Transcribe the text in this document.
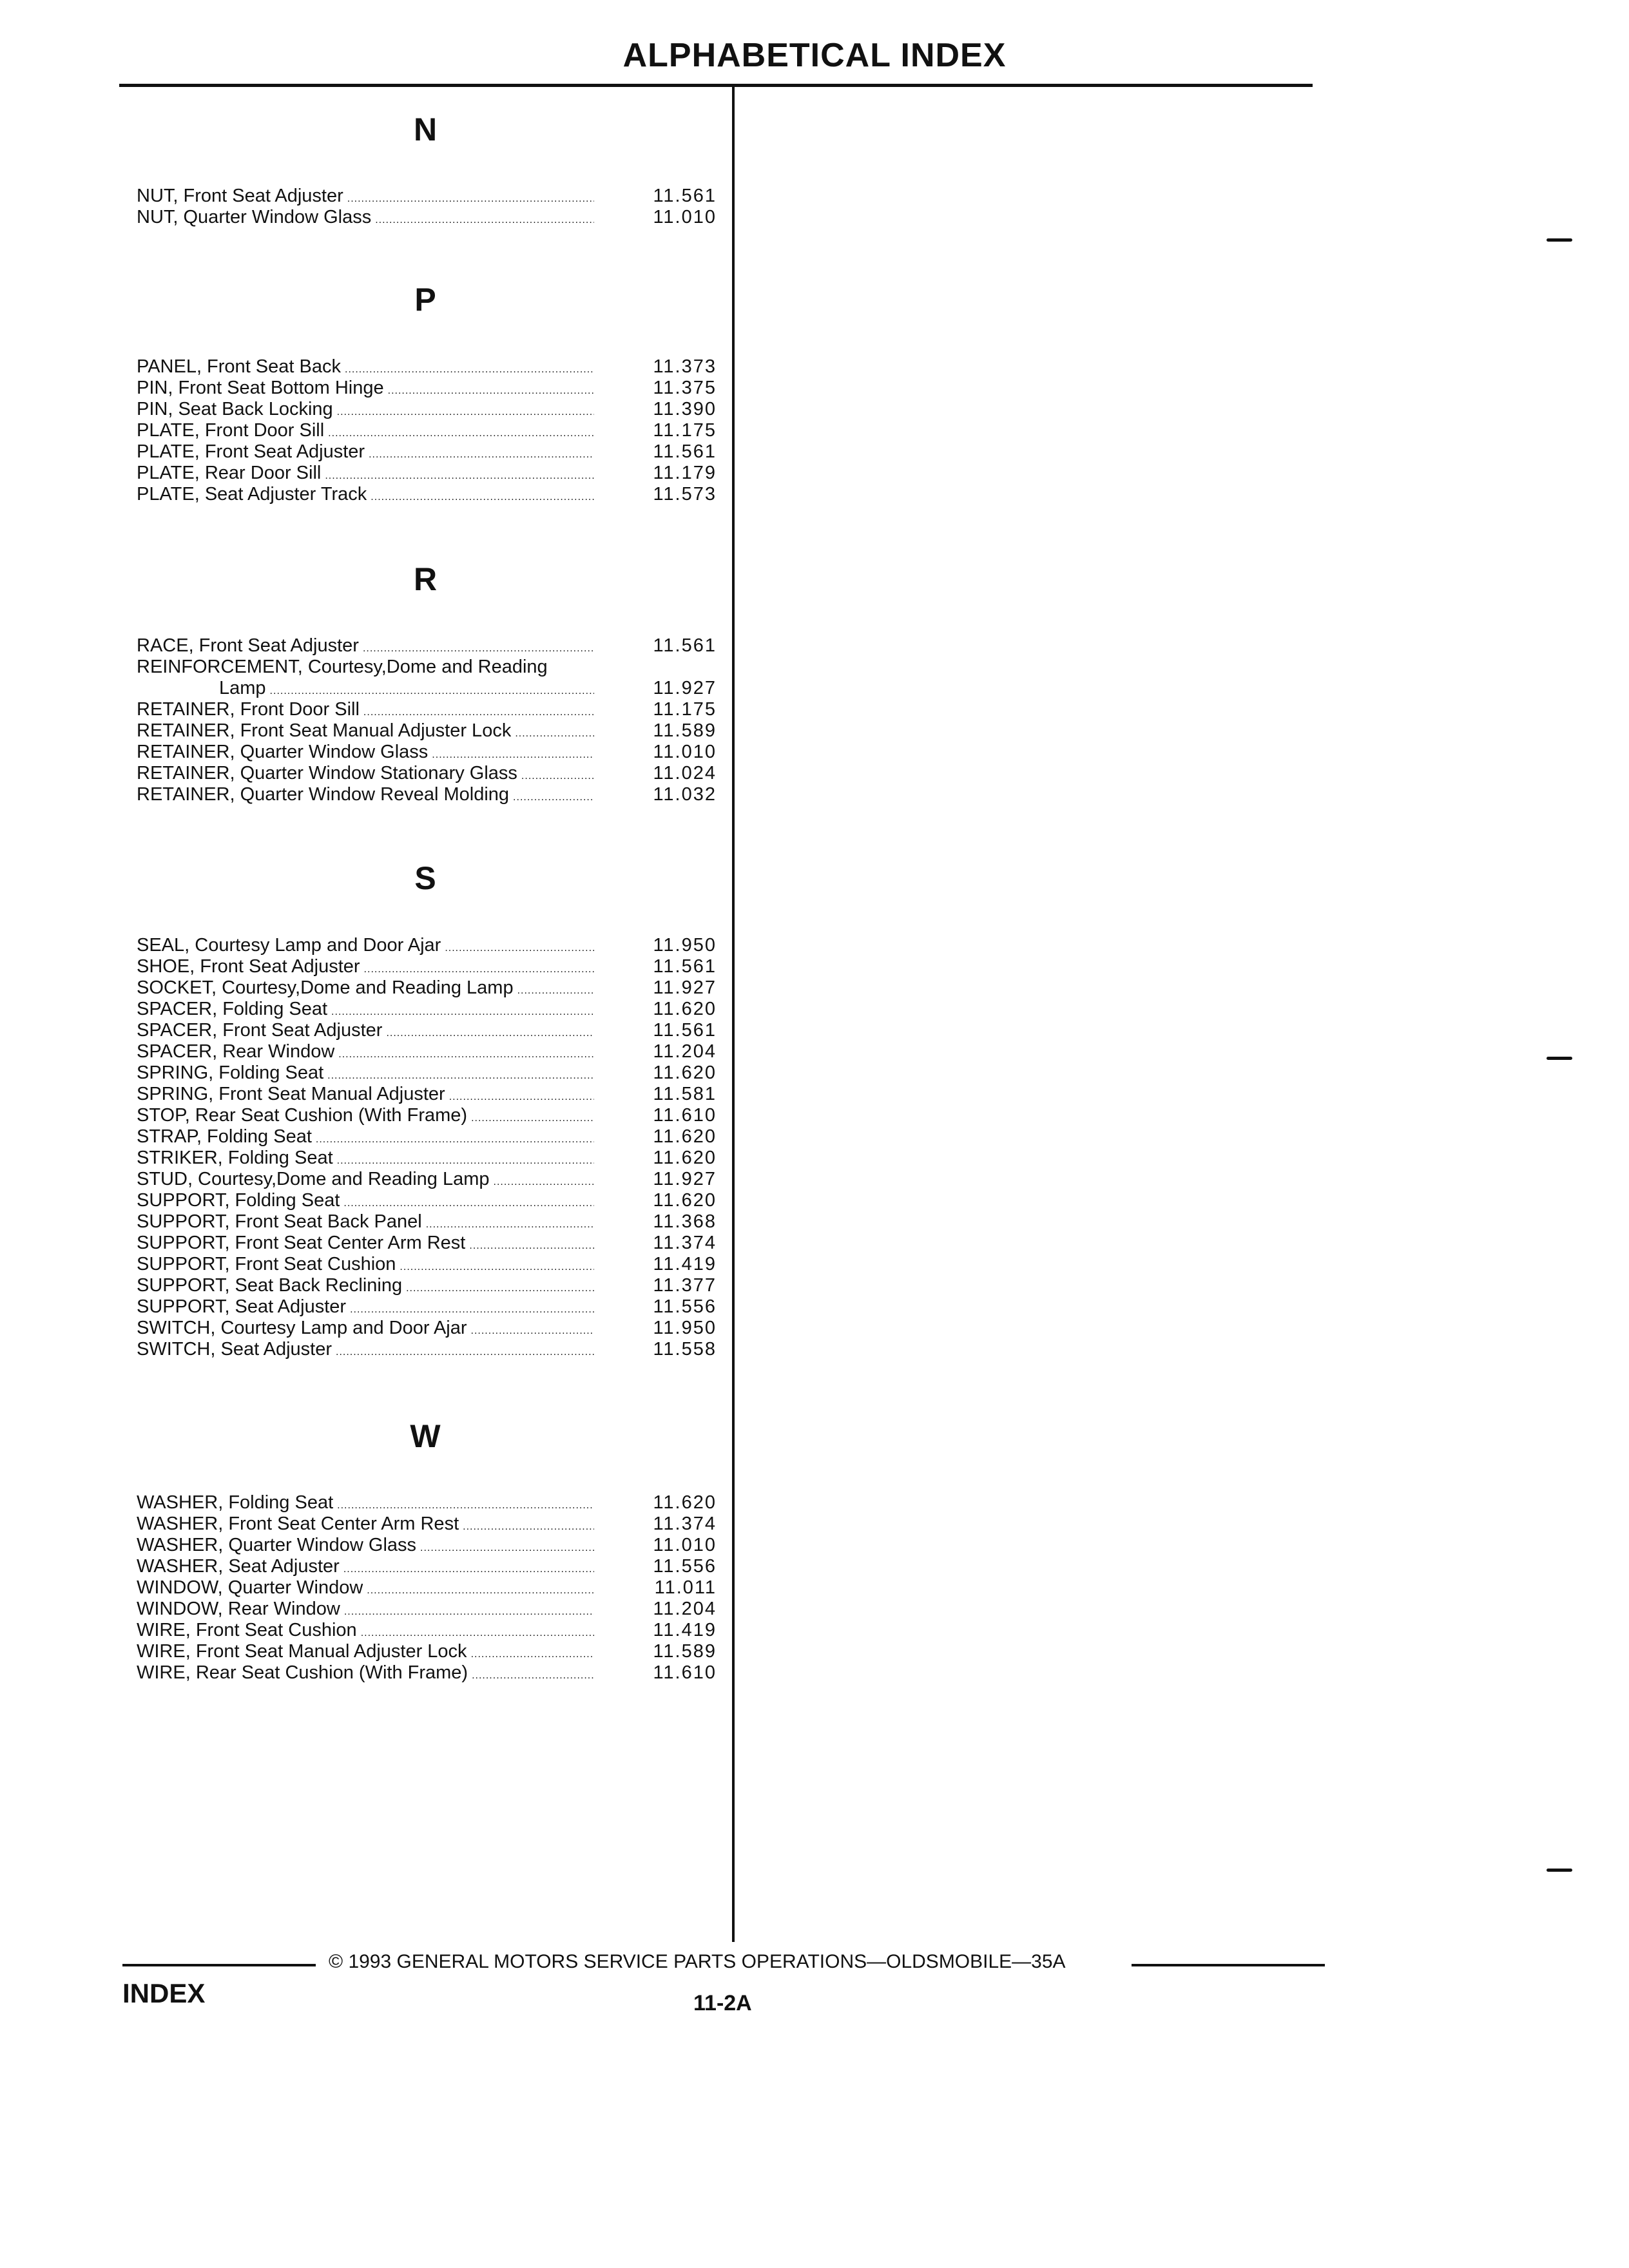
ALPHABETICAL INDEX
N
NUT, Front Seat Adjuster .....	11.561
NUT, Quarter Window Glass .....	11.010
P
PANEL, Front Seat Back .....	11.373
PIN, Front Seat Bottom Hinge .....	11.375
PIN, Seat Back Locking .....	11.390
PLATE, Front Door Sill .....	11.175
PLATE, Front Seat Adjuster .....	11.561
PLATE, Rear Door Sill .....	11.179
PLATE, Seat Adjuster Track .....	11.573
R
RACE, Front Seat Adjuster .....	11.561
REINFORCEMENT, Courtesy,Dome and Reading
Lamp .....	11.927
RETAINER, Front Door Sill .....	11.175
RETAINER, Front Seat Manual Adjuster Lock .....	11.589
RETAINER, Quarter Window Glass .....	11.010
RETAINER, Quarter Window Stationary Glass .....	11.024
RETAINER, Quarter Window Reveal Molding .....	11.032
S
SEAL, Courtesy Lamp and Door Ajar .....	11.950
SHOE, Front Seat Adjuster .....	11.561
SOCKET, Courtesy,Dome and Reading Lamp .....	11.927
SPACER, Folding Seat .....	11.620
SPACER, Front Seat Adjuster .....	11.561
SPACER, Rear Window .....	11.204
SPRING, Folding Seat .....	11.620
SPRING, Front Seat Manual Adjuster .....	11.581
STOP, Rear Seat Cushion (With Frame) .....	11.610
STRAP, Folding Seat .....	11.620
STRIKER, Folding Seat .....	11.620
STUD, Courtesy,Dome and Reading Lamp .....	11.927
SUPPORT, Folding Seat .....	11.620
SUPPORT, Front Seat Back Panel .....	11.368
SUPPORT, Front Seat Center Arm Rest .....	11.374
SUPPORT, Front Seat Cushion .....	11.419
SUPPORT, Seat Back Reclining .....	11.377
SUPPORT, Seat Adjuster .....	11.556
SWITCH, Courtesy Lamp and Door Ajar .....	11.950
SWITCH, Seat Adjuster .....	11.558
W
WASHER, Folding Seat .....	11.620
WASHER, Front Seat Center Arm Rest .....	11.374
WASHER, Quarter Window Glass .....	11.010
WASHER, Seat Adjuster .....	11.556
WINDOW, Quarter Window .....	11.011
WINDOW, Rear Window .....	11.204
WIRE, Front Seat Cushion .....	11.419
WIRE, Front Seat Manual Adjuster Lock .....	11.589
WIRE, Rear Seat Cushion (With Frame) .....	11.610
© 1993 GENERAL MOTORS SERVICE PARTS OPERATIONS—OLDSMOBILE—35A
INDEX	11-2A
